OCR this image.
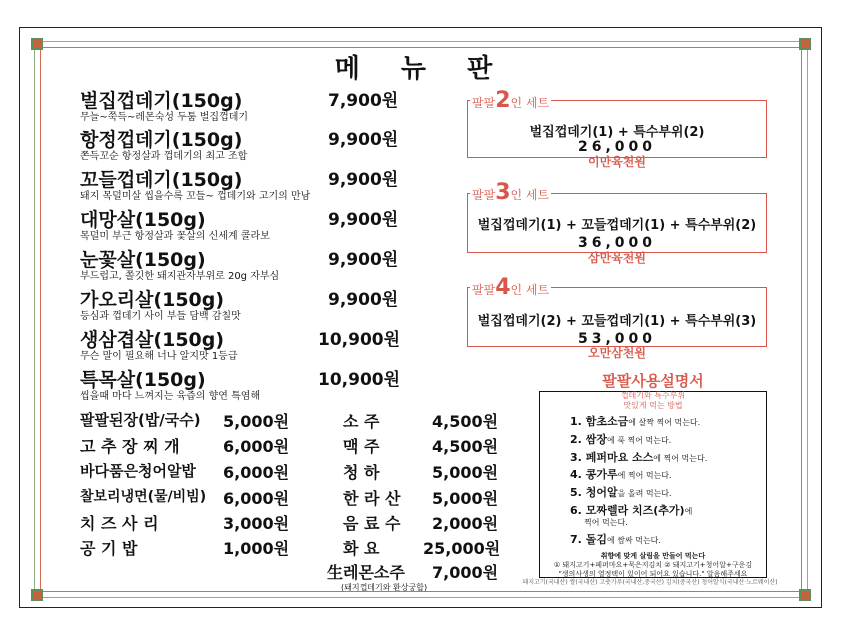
메 뉴 판
벌집껍데기(150g)
무늘~쭉득~레몬숙성 두툼 벌집껍데기
7,900원
항정껍데기(150g)
쫀득꼬순 항정살과 껍데기의 최고 조합
9,900원
꼬들껍데기(150g)
돼지 목덜미살 씹을수록 꼬들~ 껍데기와 고기의 만남
9,900원
대망살(150g)
목덜미 부근 항정살과 꽃살의 신세계 콜라보
9,900원
눈꽃살(150g)
부드럽고, 쫄깃한 돼지관자부위로 20g 자부심
9,900원
가오리살(150g)
등심과 껍데기 사이 부들 담백 감칠맛
9,900원
생삼겹살(150g)
무슨 말이 필요해 너나 알지맛 1등급
10,900원
특목살(150g)
씹을때 마다 느껴지는 육즙의 향연 특염해
10,900원
팔팔된장(밥/국수) 5,000원
고 추 장 찌 개	6,000원
바다품은청어알밥 6,000원
찰보리냉면(물/비빔) 6,000원
치 즈 사 리	3,000원
공 기 밥	1,000원
소 주	4,500원
맥 주	4,500원
청 하	5,000원
한 라 산 5,000원
음 료 수 2,000원
화 요	25,000원
生레몬소주 7,000원
(돼지껍데기와 환상궁합)
벌집껍데기(1) + 특수부위(2)
26,000
이만육천원
팔팔2인 세트
벌집껍데기(1) + 꼬들껍데기(1) + 특수부위(2)
36,000
삼만육천원
팔팔3인 세트
벌집껍데기(2) + 꼬들껍데기(1) + 특수부위(3)
53,000
오만삼천원
팔팔4인 세트
팔팔사용설명서
껍데기와 특수부위
맛있게 먹는 방법
1. 함초소금에 살짝 찍어 먹는다.
2. 쌈장에 푹 찍어 먹는다.
3. 페퍼마요 소스에 찍어 먹는다.
4. 콩가루에 찍어 먹는다.
5. 청어알을 올려 먹는다.
6. 모짜렐라 치즈(추가)에
찍어 먹는다.
7. 돌김에 쌈싸 먹는다.
취향에 맞게 살림을 만들어 먹는다
① 돼지고기+페퍼마요+묵은지김치 ② 돼지고기+청어알+구운김
"생의사생의 열정택이 있이어 되어요 있습니다." 알음해주세요
돼지고기(국내산) 쌀(국내산) 고춧가루(국내산,중국산) 김치(중국산) 청어알식(국내산·노르웨이산)
